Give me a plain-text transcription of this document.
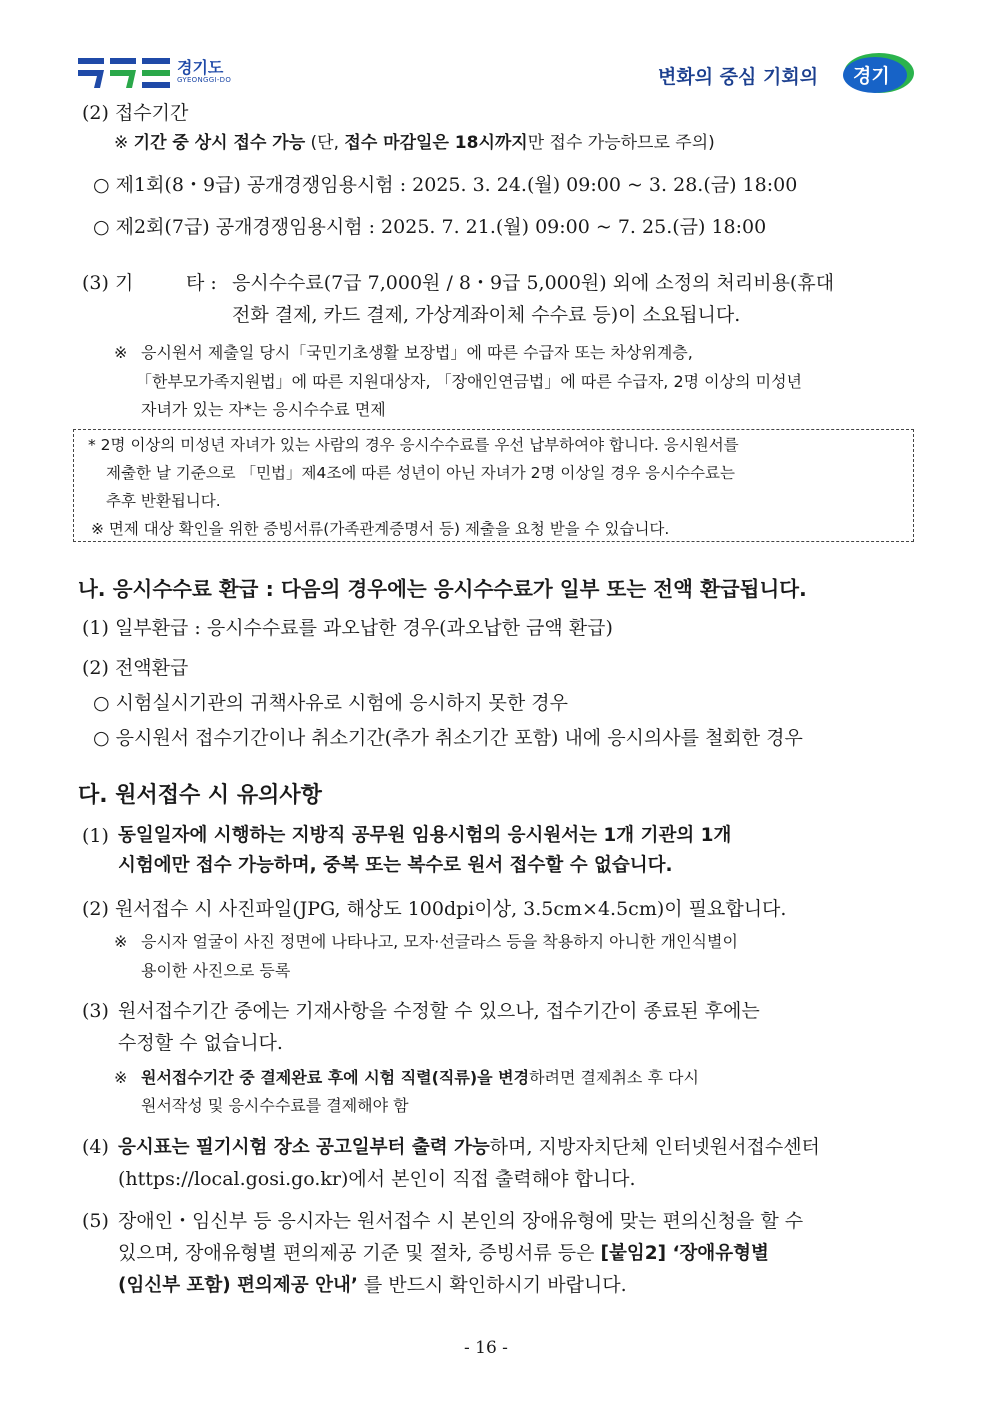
경기도
GYEONGGI-DO	변화의 중심 기회의 경기
(2) 접수기간
※ 기간 중 상시 접수 가능 (단, 접수 마감일은 18시까지만 접수 가능하므로 주의)
○ 제1회(8・9급) 공개경쟁임용시험 : 2025. 3. 24.(월) 09:00 ~ 3. 28.(금) 18:00
○ 제2회(7급) 공개경쟁임용시험 : 2025. 7. 21.(월) 09:00 ~ 7. 25.(금) 18:00
(3) 기	타 : 응시수수료(7급 7,000원 / 8・9급 5,000원) 외에 소정의 처리비용(휴대
전화 결제, 카드 결제, 가상계좌이체 수수료 등)이 소요됩니다.
※ 응시원서 제출일 당시「국민기초생활 보장법」에 따른 수급자 또는 차상위계층,
「한부모가족지원법」에 따른 지원대상자, 「장애인연금법」에 따른 수급자, 2명 이상의 미성년
자녀가 있는 자*는 응시수수료 면제
* 2명 이상의 미성년 자녀가 있는 사람의 경우 응시수수료를 우선 납부하여야 합니다. 응시원서를
제출한 날 기준으로 「민법」제4조에 따른 성년이 아닌 자녀가 2명 이상일 경우 응시수수료는
추후 반환됩니다.
※ 면제 대상 확인을 위한 증빙서류(가족관계증명서 등) 제출을 요청 받을 수 있습니다.
나. 응시수수료 환급 : 다음의 경우에는 응시수수료가 일부 또는 전액 환급됩니다.
(1) 일부환급 : 응시수수료를 과오납한 경우(과오납한 금액 환급)
(2) 전액환급
○ 시험실시기관의 귀책사유로 시험에 응시하지 못한 경우
○ 응시원서 접수기간이나 취소기간(추가 취소기간 포함) 내에 응시의사를 철회한 경우
다. 원서접수 시 유의사항
(1) 동일일자에 시행하는 지방직 공무원 임용시험의 응시원서는 1개 기관의 1개
시험에만 접수 가능하며, 중복 또는 복수로 원서 접수할 수 없습니다.
(2) 원서접수 시 사진파일(JPG, 해상도 100dpi이상, 3.5cm×4.5cm)이 필요합니다.
※ 응시자 얼굴이 사진 정면에 나타나고, 모자·선글라스 등을 착용하지 아니한 개인식별이
용이한 사진으로 등록
(3) 원서접수기간 중에는 기재사항을 수정할 수 있으나, 접수기간이 종료된 후에는
수정할 수 없습니다.
※ 원서접수기간 중 결제완료 후에 시험 직렬(직류)을 변경하려면 결제취소 후 다시
원서작성 및 응시수수료를 결제해야 함
(4) 응시표는 필기시험 장소 공고일부터 출력 가능하며, 지방자치단체 인터넷원서접수센터
(https://local.gosi.go.kr)에서 본인이 직접 출력해야 합니다.
(5) 장애인・임신부 등 응시자는 원서접수 시 본인의 장애유형에 맞는 편의신청을 할 수
있으며, 장애유형별 편의제공 기준 및 절차, 증빙서류 등은 [붙임2] ‘장애유형별
(임신부 포함) 편의제공 안내’ 를 반드시 확인하시기 바랍니다.
- 16 -
